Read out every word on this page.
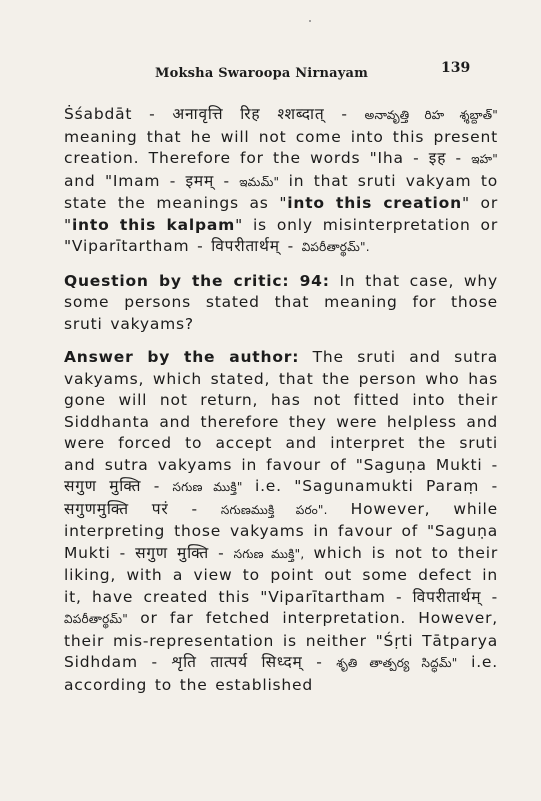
Moksha Swaroopa Nirnayam	139

Ṡśabdāt - अनावृत्ति रिह श्शब्दात् - అనావృత్తి రిహ శ్శబ్దాత్" meaning that he will not come into this present creation. Therefore for the words "Iha - इह - ఇహ" and "Imam - इमम् - ఇమమ్" in that sruti vakyam to state the meanings as "into this creation" or "into this kalpam" is only misinterpretation or "Viparītartham - विपरीतार्थम् - విపరీతార్థమ్".

Question by the critic: 94: In that case, why some persons stated that meaning for those sruti vakyams?

Answer by the author: The sruti and sutra vakyams, which stated, that the person who has gone will not return, has not fitted into their Siddhanta and therefore they were helpless and were forced to accept and interpret the sruti and sutra vakyams in favour of "Saguṇa Mukti - सगुण मुक्ति - సగుణ ముక్తి" i.e. "Sagunamukti Paraṃ - सगुणमुक्ति परं - సగుణముక్తి పరం". However, while interpreting those vakyams in favour of "Saguṇa Mukti - सगुण मुक्ति - సగుణ ముక్తి", which is not to their liking, with a view to point out some defect in it, have created this "Viparītartham - विपरीतार्थम् - విపరీతార్థమ్" or far fetched interpretation. However, their mis-representation is neither "Śṛti Tātparya Sidhdam - शृति तात्पर्य सिध्दम् - శృతి తాత్పర్య సిద్ధమ్" i.e. according to the established
